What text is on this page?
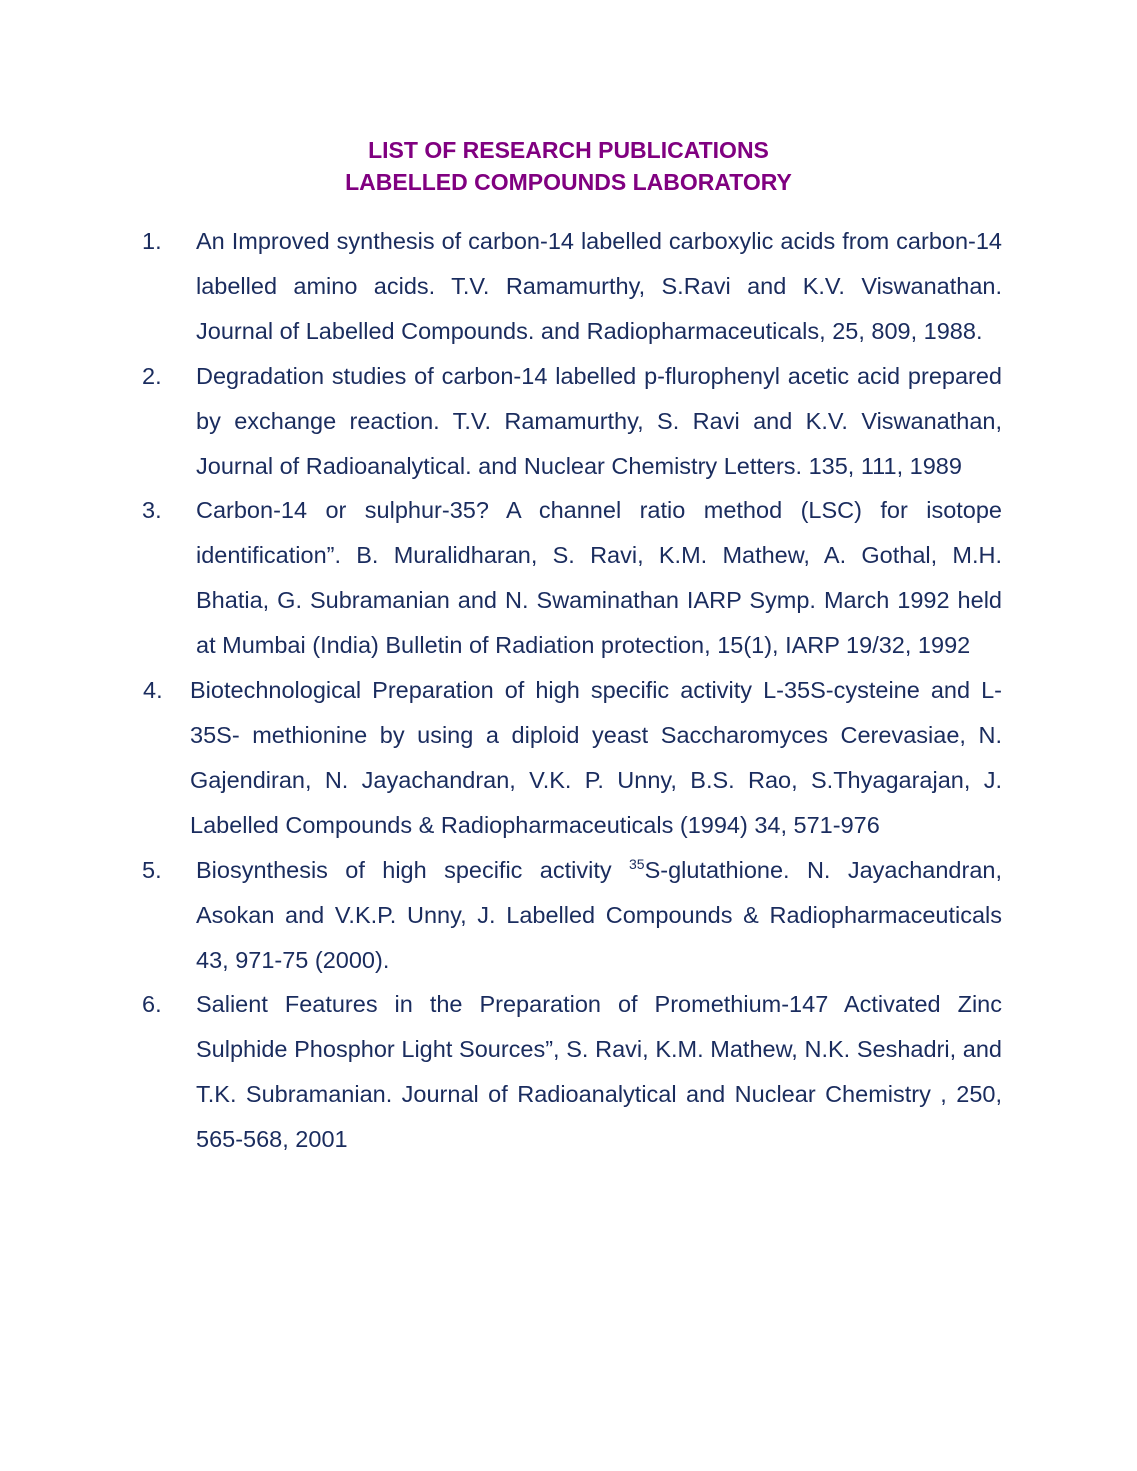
LIST OF RESEARCH PUBLICATIONS
LABELLED COMPOUNDS LABORATORY
1. An Improved synthesis of carbon-14 labelled carboxylic acids from carbon-14 labelled amino acids. T.V. Ramamurthy, S.Ravi and K.V. Viswanathan. Journal of Labelled Compounds. and Radiopharmaceuticals, 25, 809, 1988.
2. Degradation studies of carbon-14 labelled p-flurophenyl acetic acid prepared by exchange reaction. T.V. Ramamurthy, S. Ravi and K.V. Viswanathan, Journal of Radioanalytical. and Nuclear Chemistry Letters. 135, 111, 1989
3. Carbon-14 or sulphur-35? A channel ratio method (LSC) for isotope identification”. B. Muralidharan, S. Ravi, K.M. Mathew, A. Gothal, M.H. Bhatia, G. Subramanian and N. Swaminathan IARP Symp. March 1992 held at Mumbai (India) Bulletin of Radiation protection, 15(1), IARP 19/32, 1992
4. Biotechnological Preparation of high specific activity L-35S-cysteine and L-35S- methionine by using a diploid yeast Saccharomyces Cerevasiae, N. Gajendiran, N. Jayachandran, V.K. P. Unny, B.S. Rao, S.Thyagarajan, J. Labelled Compounds & Radiopharmaceuticals (1994) 34, 571-976
5. Biosynthesis of high specific activity $^{35}$S-glutathione. N. Jayachandran, Asokan and V.K.P. Unny, J. Labelled Compounds & Radiopharmaceuticals 43, 971-75 (2000).
6. Salient Features in the Preparation of Promethium-147 Activated Zinc Sulphide Phosphor Light Sources”, S. Ravi, K.M. Mathew, N.K. Seshadri, and T.K. Subramanian. Journal of Radioanalytical and Nuclear Chemistry , 250, 565-568, 2001
